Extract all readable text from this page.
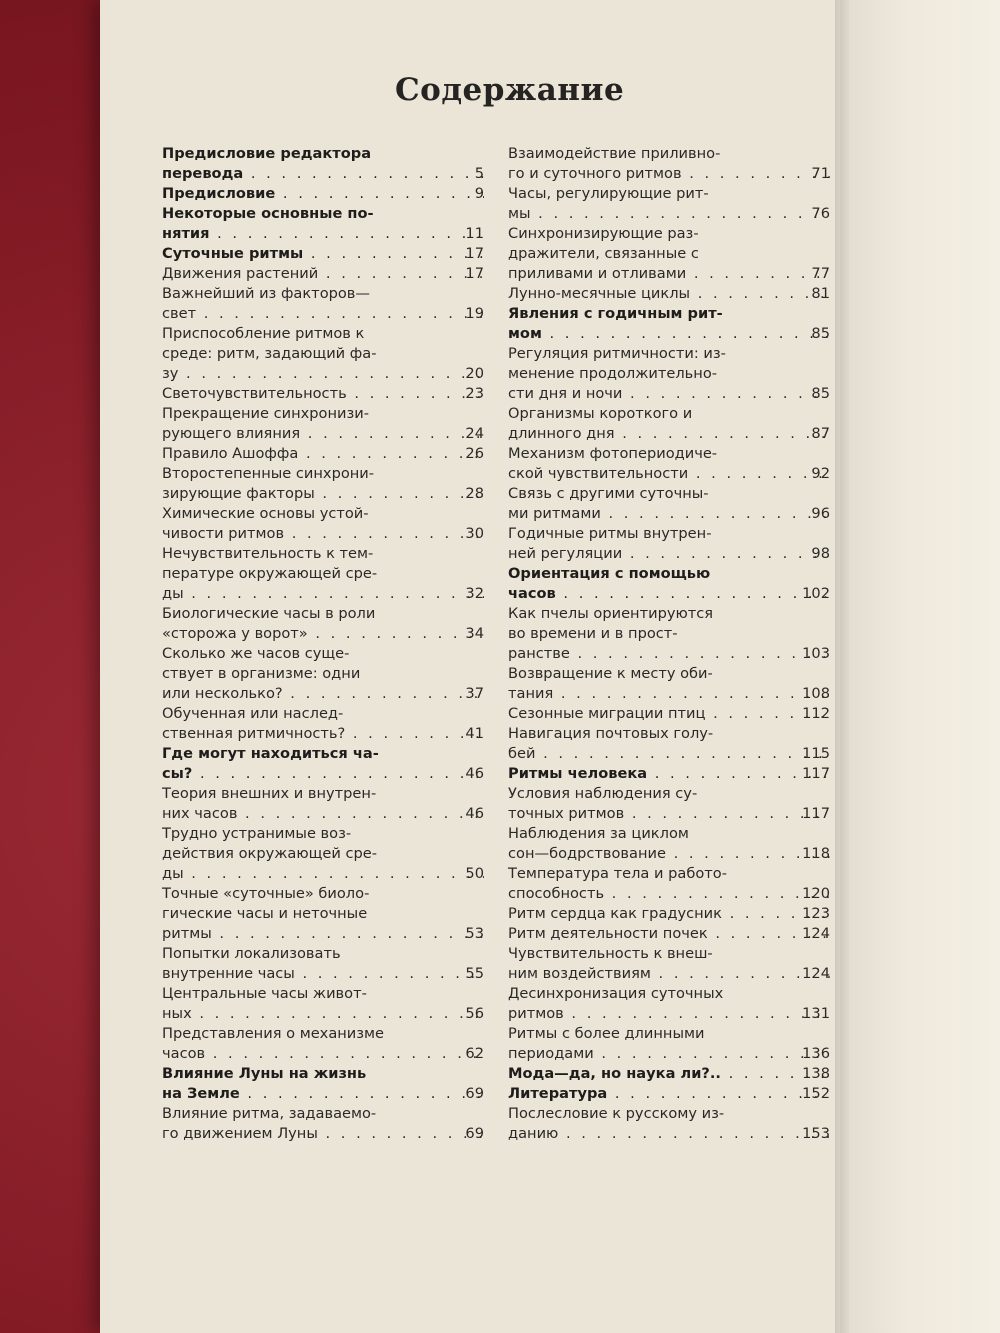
Содержание
Предисловие редактора
перевода . . .	5
Предисловие . . .	9
Некоторые основные по-
нятия . . .	11
Суточные ритмы . . .	17
Движения растений . . .	17
Важнейший из факторов—
свет . . .	19
Приспособление ритмов к
среде: ритм, задающий фа-
зу . . .	20
Светочувствительность . . .	23
Прекращение синхронизи-
рующего влияния . . .	24
Правило Ашоффа . . .	26
Второстепенные синхрони-
зирующие факторы . . .	28
Химические основы устой-
чивости ритмов . . .	30
Нечувствительность к тем-
пературе окружающей сре-
ды . . .	32
Биологические часы в роли
«сторожа у ворот» . . .	34
Сколько же часов суще-
ствует в организме: одни
или несколько? . . .	37
Обученная или наслед-
ственная ритмичность? . . .	41
Где могут находиться ча-
сы? . . .	46
Теория внешних и внутрен-
них часов . . .	46
Трудно устранимые воз-
действия окружающей сре-
ды . . .	50
Точные «суточные» биоло-
гические часы и неточные
ритмы . . .	53
Попытки локализовать
внутренние часы . . .	55
Центральные часы живот-
ных . . .	56
Представления о механизме
часов . . .	62
Влияние Луны на жизнь
на Земле . . .	69
Влияние ритма, задаваемо-
го движением Луны . . .	69
Взаимодействие приливно-
го и суточного ритмов . . .	71
Часы, регулирующие рит-
мы . . .	76
Синхронизирующие раз-
дражители, связанные с
приливами и отливами . . .	77
Лунно-месячные циклы . . .	81
Явления с годичным рит-
мом . . .	85
Регуляция ритмичности: из-
менение продолжительно-
сти дня и ночи . . .	85
Организмы короткого и
длинного дня . . .	87
Механизм фотопериодиче-
ской чувствительности . . .	92
Связь с другими суточны-
ми ритмами . . .	96
Годичные ритмы внутрен-
ней регуляции . . .	98
Ориентация с помощью
часов . . .	102
Как пчелы ориентируются
во времени и в прост-
ранстве . . .	103
Возвращение к месту оби-
тания . . .	108
Сезонные миграции птиц . . .	112
Навигация почтовых голу-
бей . . .	115
Ритмы человека . . .	117
Условия наблюдения су-
точных ритмов . . .	117
Наблюдения за циклом
сон—бодрствование . . .	118
Температура тела и работо-
способность . . .	120
Ритм сердца как градусник . . .	123
Ритм деятельности почек . . .	124
Чувствительность к внеш-
ним воздействиям . . .	124
Десинхронизация суточных
ритмов . . .	131
Ритмы с более длинными
периодами . . .	136
Мода—да, но наука ли?.. . . .	138
Литература . . .	152
Послесловие к русскому из-
данию . . .	153
